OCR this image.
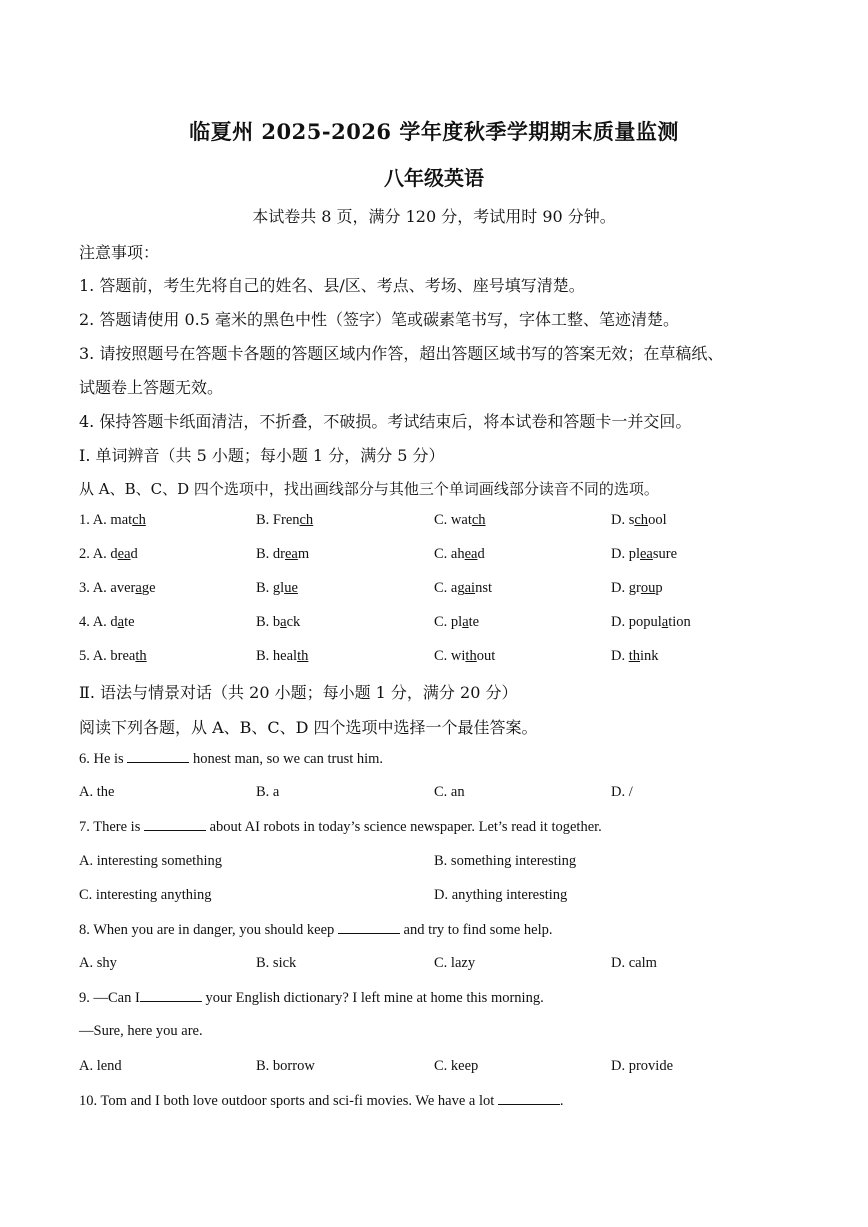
临夏州 2025-2026 学年度秋季学期期末质量监测
八年级英语
本试卷共 8 页，满分 120 分，考试用时 90 分钟。
注意事项：
1. 答题前，考生先将自己的姓名、县/区、考点、考场、座号填写清楚。
2. 答题请使用 0.5 毫米的黑色中性（签字）笔或碳素笔书写，字体工整、笔迹清楚。
3. 请按照题号在答题卡各题的答题区域内作答，超出答题区域书写的答案无效；在草稿纸、
试题卷上答题无效。
4. 保持答题卡纸面清洁，不折叠，不破损。考试结束后，将本试卷和答题卡一并交回。
Ⅰ. 单词辨音（共 5 小题；每小题 1 分，满分 5 分）
从 A、B、C、D 四个选项中，找出画线部分与其他三个单词画线部分读音不同的选项。
1. A. match	B. French	C. watch	D. school
2. A. dead	B. dream	C. ahead	D. pleasure
3. A. average	B. glue	C. against	D. group
4. A. date	B. back	C. plate	D. population
5. A. breath	B. health	C. without	D. think
Ⅱ. 语法与情景对话（共 20 小题；每小题 1 分，满分 20 分）
阅读下列各题，从 A、B、C、D 四个选项中选择一个最佳答案。
6. He is	honest man, so we can trust him.
A. the	B. a	C. an	D. /
7. There is	about AI robots in today’s science newspaper. Let’s read it together.
A. interesting something	B. something interesting
C. interesting anything	D. anything interesting
8. When you are in danger, you should keep	and try to find some help.
A. shy	B. sick	C. lazy	D. calm
9. —Can I	your English dictionary? I left mine at home this morning.
—Sure, here you are.
A. lend	B. borrow	C. keep	D. provide
10. Tom and I both love outdoor sports and sci-fi movies. We have a lot	.
